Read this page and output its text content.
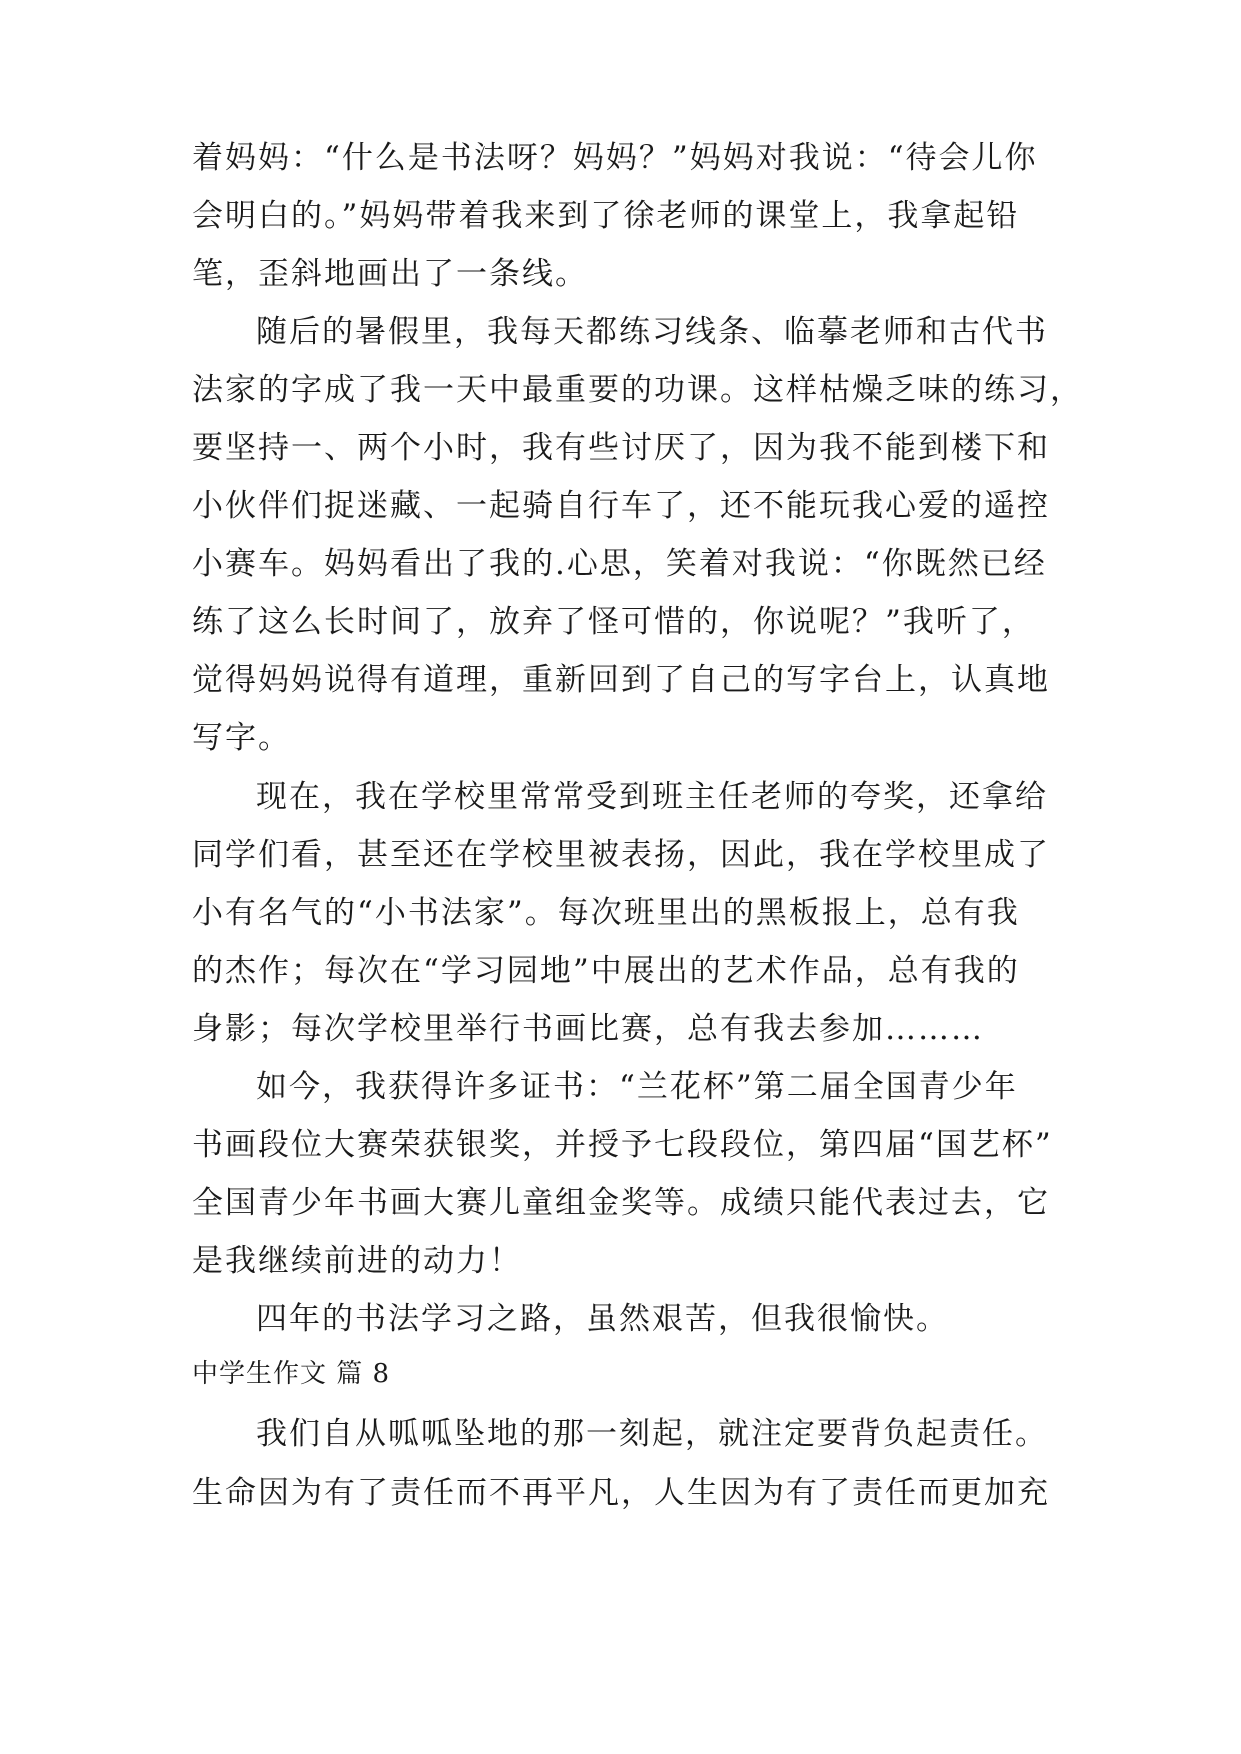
着妈妈：“什么是书法呀？妈妈？”妈妈对我说：“待会儿你
会明白的。”妈妈带着我来到了徐老师的课堂上，我拿起铅
笔，歪斜地画出了一条线。
随后的暑假里，我每天都练习线条、临摹老师和古代书
法家的字成了我一天中最重要的功课。这样枯燥乏味的练习，
要坚持一、两个小时，我有些讨厌了，因为我不能到楼下和
小伙伴们捉迷藏、一起骑自行车了，还不能玩我心爱的遥控
小赛车。妈妈看出了我的.心思，笑着对我说：“你既然已经
练了这么长时间了，放弃了怪可惜的，你说呢？”我听了，
觉得妈妈说得有道理，重新回到了自己的写字台上，认真地
写字。
现在，我在学校里常常受到班主任老师的夸奖，还拿给
同学们看，甚至还在学校里被表扬，因此，我在学校里成了
小有名气的“小书法家”。每次班里出的黑板报上，总有我
的杰作；每次在“学习园地”中展出的艺术作品，总有我的
身影；每次学校里举行书画比赛，总有我去参加………
如今，我获得许多证书：“兰花杯”第二届全国青少年
书画段位大赛荣获银奖，并授予七段段位，第四届“国艺杯”
全国青少年书画大赛儿童组金奖等。成绩只能代表过去，它
是我继续前进的动力！
四年的书法学习之路，虽然艰苦，但我很愉快。
中学生作文 篇 8
我们自从呱呱坠地的那一刻起，就注定要背负起责任。
生命因为有了责任而不再平凡，人生因为有了责任而更加充
